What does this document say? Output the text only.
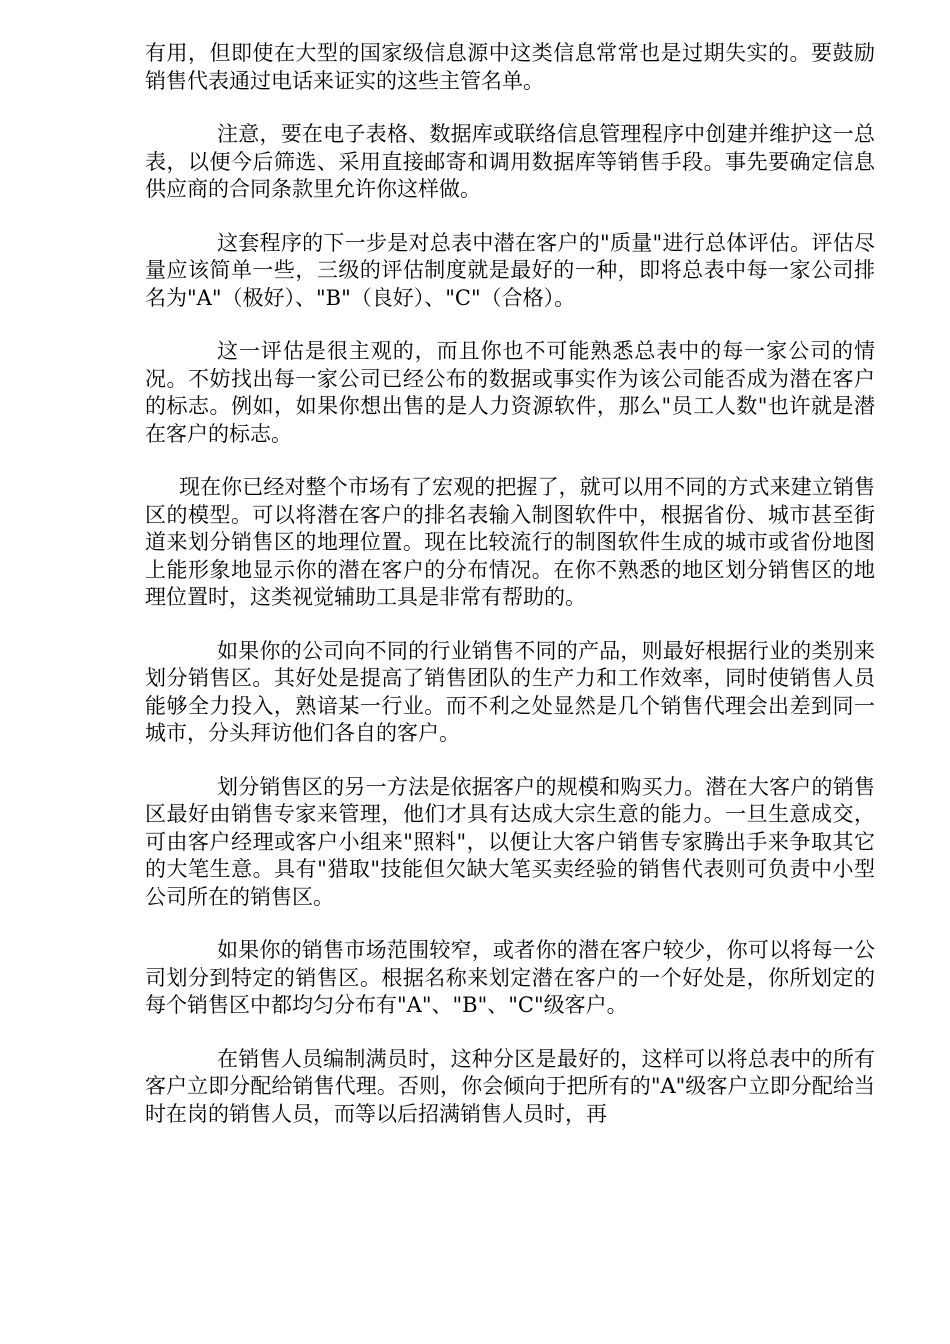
有用，但即使在大型的国家级信息源中这类信息常常也是过期失实的。要鼓励销售代表通过电话来证实的这些主管名单。

注意，要在电子表格、数据库或联络信息管理程序中创建并维护这一总表，以便今后筛选、采用直接邮寄和调用数据库等销售手段。事先要确定信息供应商的合同条款里允许你这样做。

这套程序的下一步是对总表中潜在客户的"质量"进行总体评估。评估尽量应该简单一些，三级的评估制度就是最好的一种，即将总表中每一家公司排名为"A"（极好）、"B"（良好）、"C"（合格）。

这一评估是很主观的，而且你也不可能熟悉总表中的每一家公司的情况。不妨找出每一家公司已经公布的数据或事实作为该公司能否成为潜在客户的标志。例如，如果你想出售的是人力资源软件，那么"员工人数"也许就是潜在客户的标志。

现在你已经对整个市场有了宏观的把握了，就可以用不同的方式来建立销售区的模型。可以将潜在客户的排名表输入制图软件中，根据省份、城市甚至街道来划分销售区的地理位置。现在比较流行的制图软件生成的城市或省份地图上能形象地显示你的潜在客户的分布情况。在你不熟悉的地区划分销售区的地理位置时，这类视觉辅助工具是非常有帮助的。

如果你的公司向不同的行业销售不同的产品，则最好根据行业的类别来划分销售区。其好处是提高了销售团队的生产力和工作效率，同时使销售人员能够全力投入，熟谙某一行业。而不利之处显然是几个销售代理会出差到同一城市，分头拜访他们各自的客户。

划分销售区的另一方法是依据客户的规模和购买力。潜在大客户的销售区最好由销售专家来管理，他们才具有达成大宗生意的能力。一旦生意成交，可由客户经理或客户小组来"照料"，以便让大客户销售专家腾出手来争取其它的大笔生意。具有"猎取"技能但欠缺大笔买卖经验的销售代表则可负责中小型公司所在的销售区。

如果你的销售市场范围较窄，或者你的潜在客户较少，你可以将每一公司划分到特定的销售区。根据名称来划定潜在客户的一个好处是，你所划定的每个销售区中都均匀分布有"A"、"B"、"C"级客户。

在销售人员编制满员时，这种分区是最好的，这样可以将总表中的所有客户立即分配给销售代理。否则，你会倾向于把所有的"A"级客户立即分配给当时在岗的销售人员，而等以后招满销售人员时，再
